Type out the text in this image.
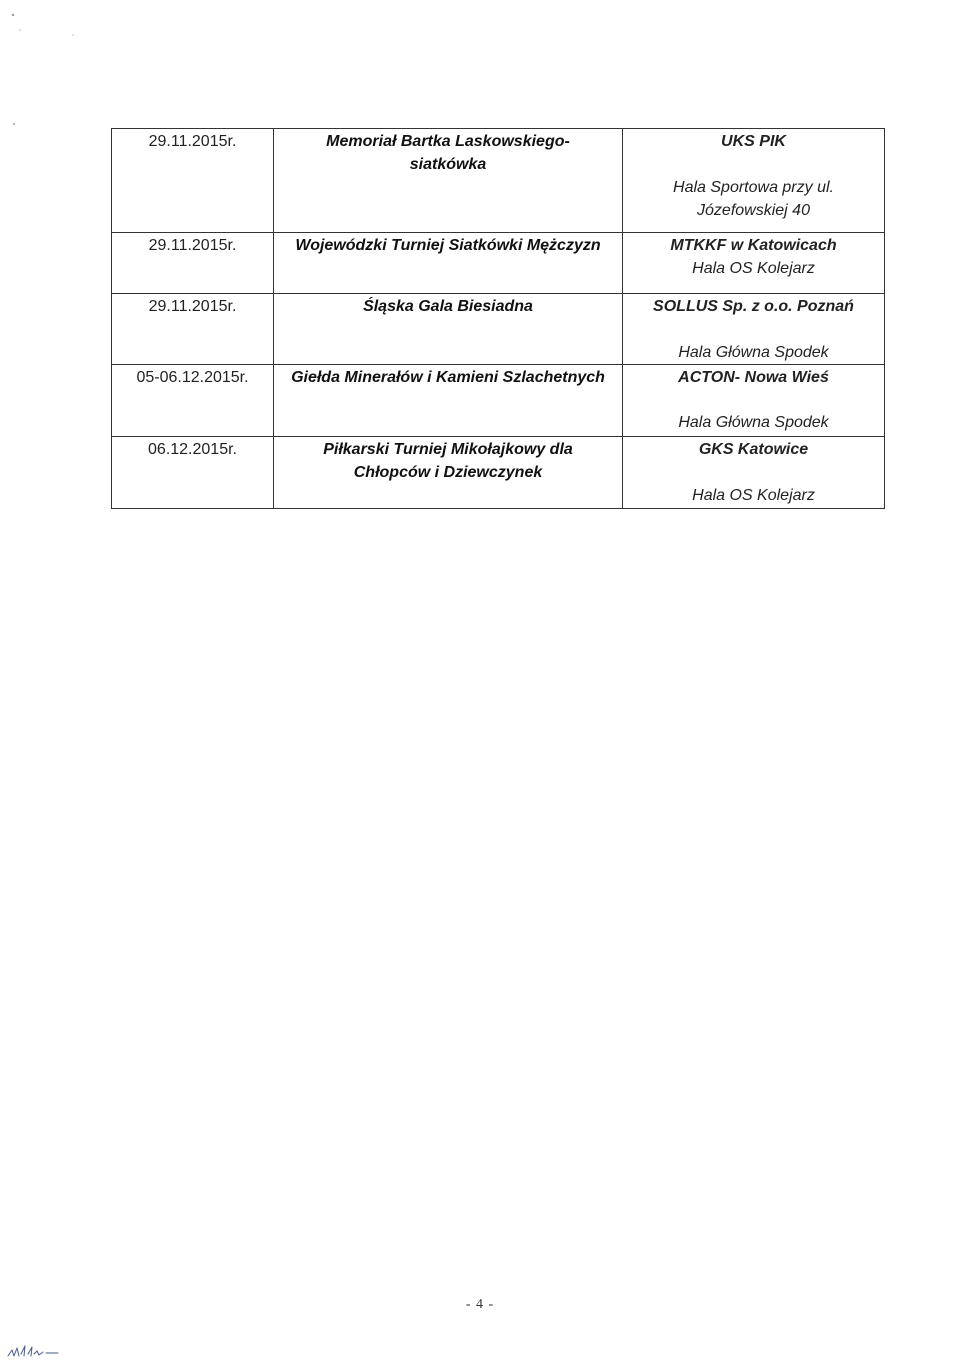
29.11.2015r.	Memoriał Bartka Laskowskiego-siatkówka	UKS PIK
Hala Sportowa przy ul. Józefowskiej 40

29.11.2015r.	Wojewódzki Turniej Siatkówki Mężczyzn	MTKKF w Katowicach
Hala OS Kolejarz

29.11.2015r.	Śląska Gala Biesiadna	SOLLUS Sp. z o.o. Poznań
Hala Główna Spodek

05-06.12.2015r.	Giełda Minerałów i Kamieni Szlachetnych	ACTON- Nowa Wieś
Hala Główna Spodek

06.12.2015r.	Piłkarski Turniej Mikołajkowy dla Chłopców i Dziewczynek	GKS Katowice
Hala OS Kolejarz
- 4 -
